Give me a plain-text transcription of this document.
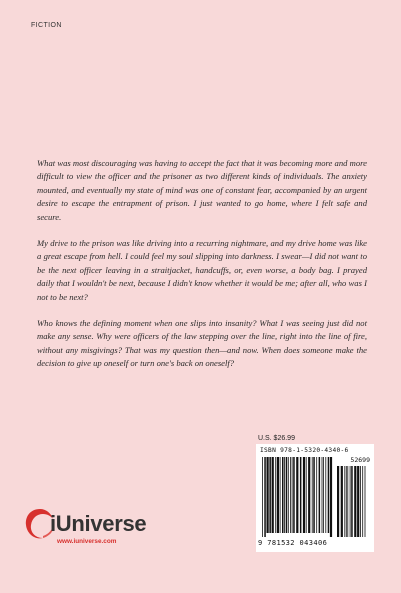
FICTION

What was most discouraging was having to accept the fact that it was becoming more and more difficult to view the officer and the prisoner as two different kinds of individuals. The anxiety mounted, and eventually my state of mind was one of constant fear, accompanied by an urgent desire to escape the entrapment of prison. I just wanted to go home, where I felt safe and secure.

My drive to the prison was like driving into a recurring nightmare, and my drive home was like a great escape from hell. I could feel my soul slipping into darkness. I swear—I did not want to be the next officer leaving in a straitjacket, handcuffs, or, even worse, a body bag. I prayed daily that I wouldn't be next, because I didn't know whether it would be me; after all, who was I not to be next?

Who knows the defining moment when one slips into insanity? What I was seeing just did not make any sense. Why were officers of the law stepping over the line, right into the line of fire, without any misgivings? That was my question then—and now. When does someone make the decision to give up oneself or turn one's back on oneself?

U.S. $26.99
ISBN 978-1-5320-4340-6
52699
9 781532 043406
iUniverse
www.iuniverse.com
